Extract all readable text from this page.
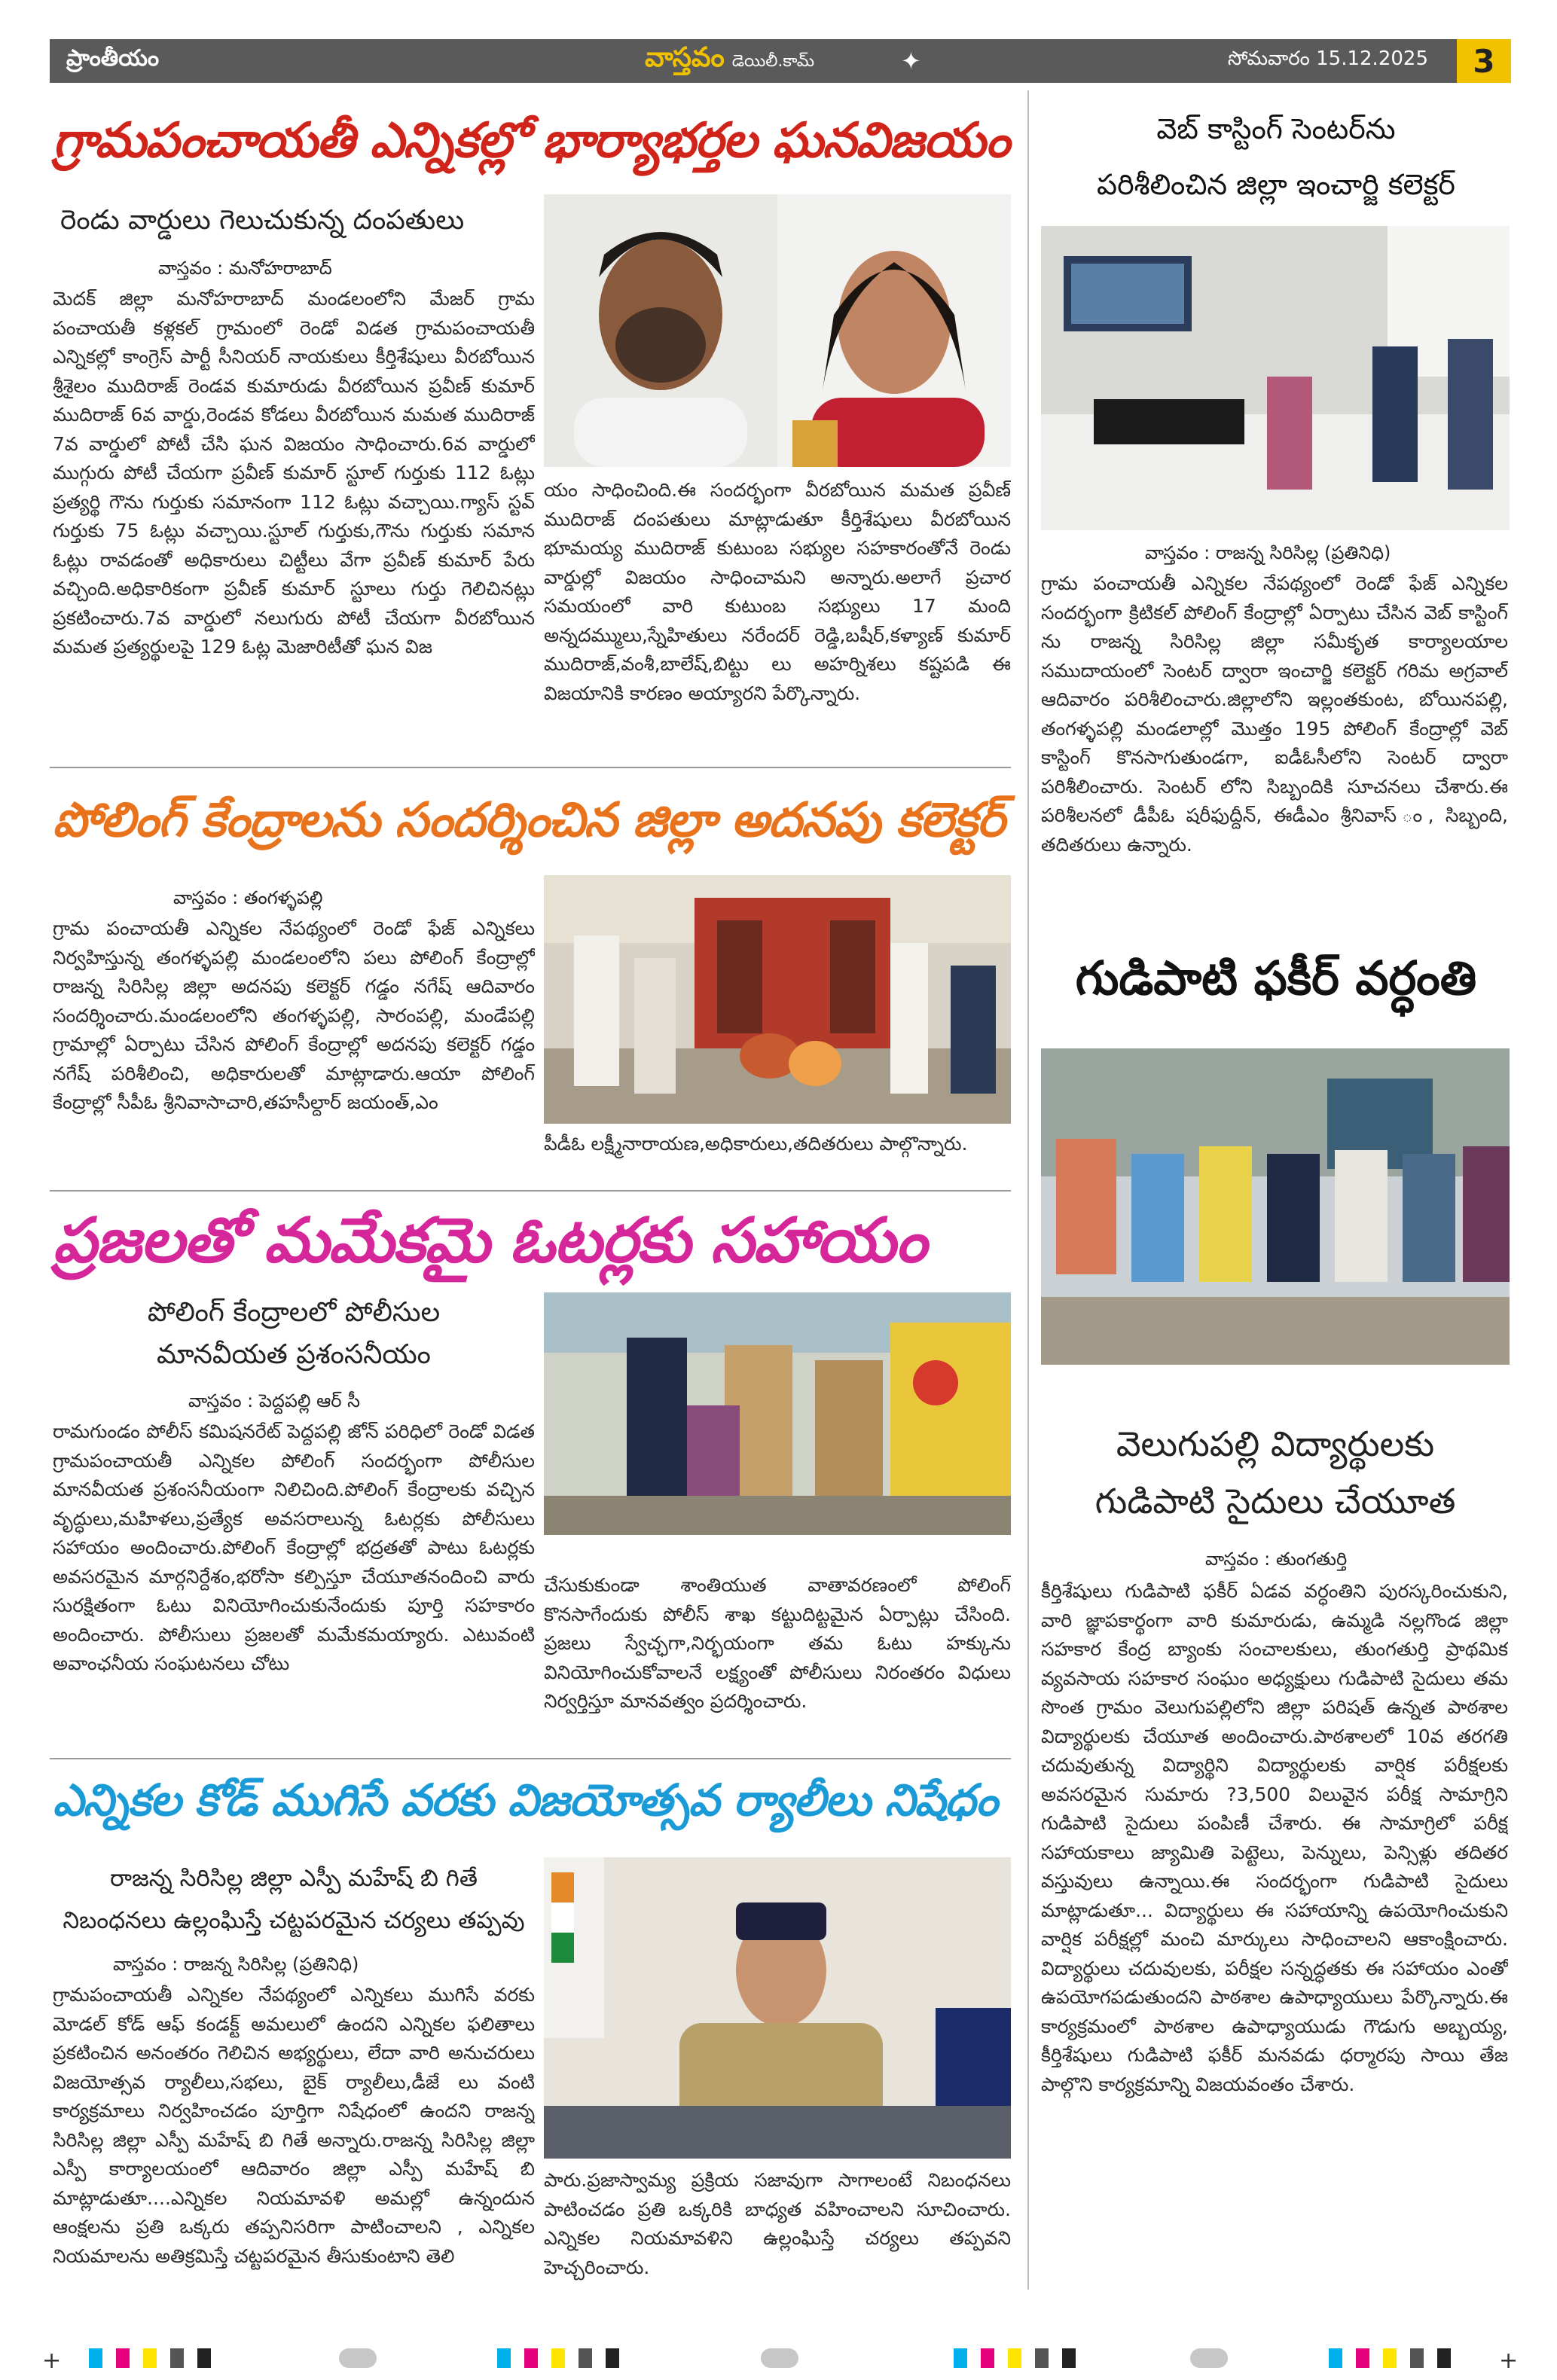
ప్రాంతీయం	వాస్తవం డెయిలీ.కామ్	✦	సోమవారం 15.12.2025	3
గ్రామపంచాయతీ ఎన్నికల్లో భార్యాభర్తల ఘనవిజయం
రెండు వార్డులు గెలుచుకున్న దంపతులు
వాస్తవం : మనోహరాబాద్
మెదక్ జిల్లా మనోహరాబాద్ మండలంలోని మేజర్ గ్రామ పంచాయతీ కళ్లకల్ గ్రామంలో రెండో విడత గ్రామపంచాయతీ ఎన్నికల్లో కాంగ్రెస్ పార్టీ సీనియర్ నాయకులు కీర్తిశేషులు వీరబోయిన శ్రీశైలం ముదిరాజ్ రెండవ కుమారుడు వీరబోయిన ప్రవీణ్ కుమార్ ముదిరాజ్ 6వ వార్డు,రెండవ కోడలు వీరబోయిన మమత ముదిరాజ్ 7వ వార్డులో పోటీ చేసి ఘన విజయం సాధించారు.6వ వార్డులో ముగ్గురు పోటీ చేయగా ప్రవీణ్ కుమార్ స్టూల్ గుర్తుకు 112 ఓట్లు ప్రత్యర్థి గౌను గుర్తుకు సమానంగా 112 ఓట్లు వచ్చాయి.గ్యాస్ స్టవ్ గుర్తుకు 75 ఓట్లు వచ్చాయి.స్టూల్ గుర్తుకు,గౌను గుర్తుకు సమాన ఓట్లు రావడంతో అధికారులు చిట్టీలు వేగా ప్రవీణ్ కుమార్ పేరు వచ్చింది.అధికారికంగా ప్రవీణ్ కుమార్ స్టూలు గుర్తు గెలిచినట్లు ప్రకటించారు.7వ వార్డులో నలుగురు పోటీ చేయగా వీరబోయిన మమత ప్రత్యర్థులపై 129 ఓట్ల మెజారిటీతో ఘన విజ
యం సాధించింది.ఈ సందర్భంగా వీరబోయిన మమత ప్రవీణ్ ముదిరాజ్ దంపతులు మాట్లాడుతూ కీర్తిశేషులు వీరబోయిన భూమయ్య ముదిరాజ్ కుటుంబ సభ్యుల సహకారంతోనే రెండు వార్డుల్లో విజయం సాధించామని అన్నారు.అలాగే ప్రచార సమయంలో వారి కుటుంబ సభ్యులు 17 మంది అన్నదమ్ములు,స్నేహితులు నరేందర్ రెడ్డి,బషీర్,కళ్యాణ్ కుమార్ ముదిరాజ్,వంశీ,బాలేష్,బిట్టు లు అహర్నిశలు కష్టపడి ఈ విజయానికి కారణం అయ్యారని పేర్కొన్నారు.
పోలింగ్ కేంద్రాలను సందర్శించిన జిల్లా అదనపు కలెక్టర్
వాస్తవం : తంగళ్ళపల్లి
గ్రామ పంచాయతీ ఎన్నికల నేపథ్యంలో రెండో ఫేజ్ ఎన్నికలు నిర్వహిస్తున్న తంగళ్ళపల్లి మండలంలోని పలు పోలింగ్ కేంద్రాల్లో రాజన్న సిరిసిల్ల జిల్లా అదనపు కలెక్టర్ గడ్డం నగేష్ ఆదివారం సందర్శించారు.మండలంలోని తంగళ్ళపల్లి, సారంపల్లి, మండేపల్లి గ్రామాల్లో ఏర్పాటు చేసిన పోలింగ్ కేంద్రాల్లో అదనపు కలెక్టర్ గడ్డం నగేష్ పరిశీలించి, అధికారులతో మాట్లాడారు.ఆయా పోలింగ్ కేంద్రాల్లో సీపీఓ శ్రీనివాసాచారి,తహసీల్దార్ జయంత్,ఎం
పీడీఓ లక్ష్మీనారాయణ,అధికారులు,తదితరులు పాల్గొన్నారు.
ప్రజలతో మమేకమై ఓటర్లకు సహాయం
పోలింగ్ కేంద్రాలలో పోలీసుల
మానవీయత ప్రశంసనీయం
వాస్తవం : పెద్దపల్లి ఆర్ సీ
రామగుండం పోలీస్ కమిషనరేట్ పెద్దపల్లి జోన్ పరిధిలో రెండో విడత గ్రామపంచాయతీ ఎన్నికల పోలింగ్ సందర్భంగా పోలీసుల మానవీయత ప్రశంసనీయంగా నిలిచింది.పోలింగ్ కేంద్రాలకు వచ్చిన వృద్ధులు,మహిళలు,ప్రత్యేక అవసరాలున్న ఓటర్లకు పోలీసులు సహాయం అందించారు.పోలింగ్ కేంద్రాల్లో భద్రతతో పాటు ఓటర్లకు అవసరమైన మార్గనిర్దేశం,భరోసా కల్పిస్తూ చేయూతనందించి వారు సురక్షితంగా ఓటు వినియోగించుకునేందుకు పూర్తి సహకారం అందించారు. పోలీసులు ప్రజలతో మమేకమయ్యారు. ఎటువంటి అవాంఛనీయ సంఘటనలు చోటు
చేసుకుకుండా శాంతియుత వాతావరణంలో పోలింగ్ కొనసాగేందుకు పోలీస్ శాఖ కట్టుదిట్టమైన ఏర్పాట్లు చేసింది. ప్రజలు స్వేచ్ఛగా,నిర్భయంగా తమ ఓటు హక్కును వినియోగించుకోవాలనే లక్ష్యంతో పోలీసులు నిరంతరం విధులు నిర్వర్తిస్తూ మానవత్వం ప్రదర్శించారు.
ఎన్నికల కోడ్ ముగిసే వరకు విజయోత్సవ ర్యాలీలు నిషేధం
రాజన్న సిరిసిల్ల జిల్లా ఎస్పీ మహేష్ బి గితే
నిబంధనలు ఉల్లంఘిస్తే చట్టపరమైన చర్యలు తప్పవు
వాస్తవం : రాజన్న సిరిసిల్ల (ప్రతినిధి)
గ్రామపంచాయతీ ఎన్నికల నేపథ్యంలో ఎన్నికలు ముగిసే వరకు మోడల్ కోడ్ ఆఫ్ కండక్ట్ అమలులో ఉందని ఎన్నికల ఫలితాలు ప్రకటించిన అనంతరం గెలిచిన అభ్యర్థులు, లేదా వారి అనుచరులు విజయోత్సవ ర్యాలీలు,సభలు, బైక్ ర్యాలీలు,డీజే లు వంటి కార్యక్రమాలు నిర్వహించడం పూర్తిగా నిషేధంలో ఉందని రాజన్న సిరిసిల్ల జిల్లా ఎస్పీ మహేష్ బి గితే అన్నారు.రాజన్న సిరిసిల్ల జిల్లా ఎస్పీ కార్యాలయంలో ఆదివారం జిల్లా ఎస్పీ మహేష్ బి మాట్లాడుతూ....ఎన్నికల నియమావళి అమల్లో ఉన్నందున ఆంక్షలను ప్రతి ఒక్కరు తప్పనిసరిగా పాటించాలని , ఎన్నికల నియమాలను అతిక్రమిస్తే చట్టపరమైన తీసుకుంటాని తెలి
పారు.ప్రజాస్వామ్య ప్రక్రియ సజావుగా సాగాలంటే నిబంధనలు పాటించడం ప్రతి ఒక్కరికి బాధ్యత వహించాలని సూచించారు. ఎన్నికల నియమావళిని ఉల్లంఘిస్తే చర్యలు తప్పవని హెచ్చరించారు.
వెబ్ కాస్టింగ్ సెంటర్‌ను
పరిశీలించిన జిల్లా ఇంచార్జి కలెక్టర్
వాస్తవం : రాజన్న సిరిసిల్ల (ప్రతినిధి)
గ్రామ పంచాయతీ ఎన్నికల నేపథ్యంలో రెండో ఫేజ్ ఎన్నికల సందర్భంగా క్రిటికల్ పోలింగ్ కేంద్రాల్లో ఏర్పాటు చేసిన వెబ్ కాస్టింగ్ ను రాజన్న సిరిసిల్ల జిల్లా సమీకృత కార్యాలయాల సముదాయంలో సెంటర్ ద్వారా ఇంచార్జి కలెక్టర్ గరిమ అగ్రవాల్ ఆదివారం పరిశీలించారు.జిల్లాలోని ఇల్లంతకుంట, బోయినపల్లి, తంగళ్ళపల్లి మండలాల్లో మొత్తం 195 పోలింగ్ కేంద్రాల్లో వెబ్ కాస్టింగ్ కొనసాగుతుండగా, ఐడీఓసీలోని సెంటర్ ద్వారా పరిశీలించారు. సెంటర్ లోని సిబ్బందికి సూచనలు చేశారు.ఈ పరిశీలనలో డీపీఓ షరీఫుద్దీన్, ఈడీఎం శ్రీనివాస్ ం, సిబ్బంది, తదితరులు ఉన్నారు.
గుడిపాటి ఫకీర్ వర్ధంతి
వెలుగుపల్లి విద్యార్థులకు
గుడిపాటి సైదులు చేయూత
వాస్తవం : తుంగతుర్తి
కీర్తిశేషులు గుడిపాటి ఫకీర్ ఏడవ వర్ధంతిని పురస్కరించుకుని, వారి జ్ఞాపకార్థంగా వారి కుమారుడు, ఉమ్మడి నల్లగొండ జిల్లా సహకార కేంద్ర బ్యాంకు సంచాలకులు, తుంగతుర్తి ప్రాథమిక వ్యవసాయ సహకార సంఘం అధ్యక్షులు గుడిపాటి సైదులు తమ సొంత గ్రామం వెలుగుపల్లిలోని జిల్లా పరిషత్ ఉన్నత పాఠశాల విద్యార్థులకు చేయూత అందించారు.పాఠశాలలో 10వ తరగతి చదువుతున్న విద్యార్థిని విద్యార్థులకు వార్షిక పరీక్షలకు అవసరమైన సుమారు ?3,500 విలువైన పరీక్ష సామాగ్రిని గుడిపాటి సైదులు పంపిణీ చేశారు. ఈ సామాగ్రిలో పరీక్ష సహాయకాలు జ్యామితి పెట్టెలు, పెన్నులు, పెన్సిళ్లు తదితర వస్తువులు ఉన్నాయి.ఈ సందర్భంగా గుడిపాటి సైదులు మాట్లాడుతూ... విద్యార్థులు ఈ సహాయాన్ని ఉపయోగించుకుని వార్షిక పరీక్షల్లో మంచి మార్కులు సాధించాలని ఆకాంక్షించారు. విద్యార్థులు చదువులకు, పరీక్షల సన్నద్ధతకు ఈ సహాయం ఎంతో ఉపయోగపడుతుందని పాఠశాల ఉపాధ్యాయులు పేర్కొన్నారు.ఈ కార్యక్రమంలో పాఠశాల ఉపాధ్యాయుడు గౌడుగు అబ్బయ్య, కీర్తిశేషులు గుడిపాటి ఫకీర్ మనవడు ధర్మారపు సాయి తేజ పాల్గొని కార్యక్రమాన్ని విజయవంతం చేశారు.
+	+
